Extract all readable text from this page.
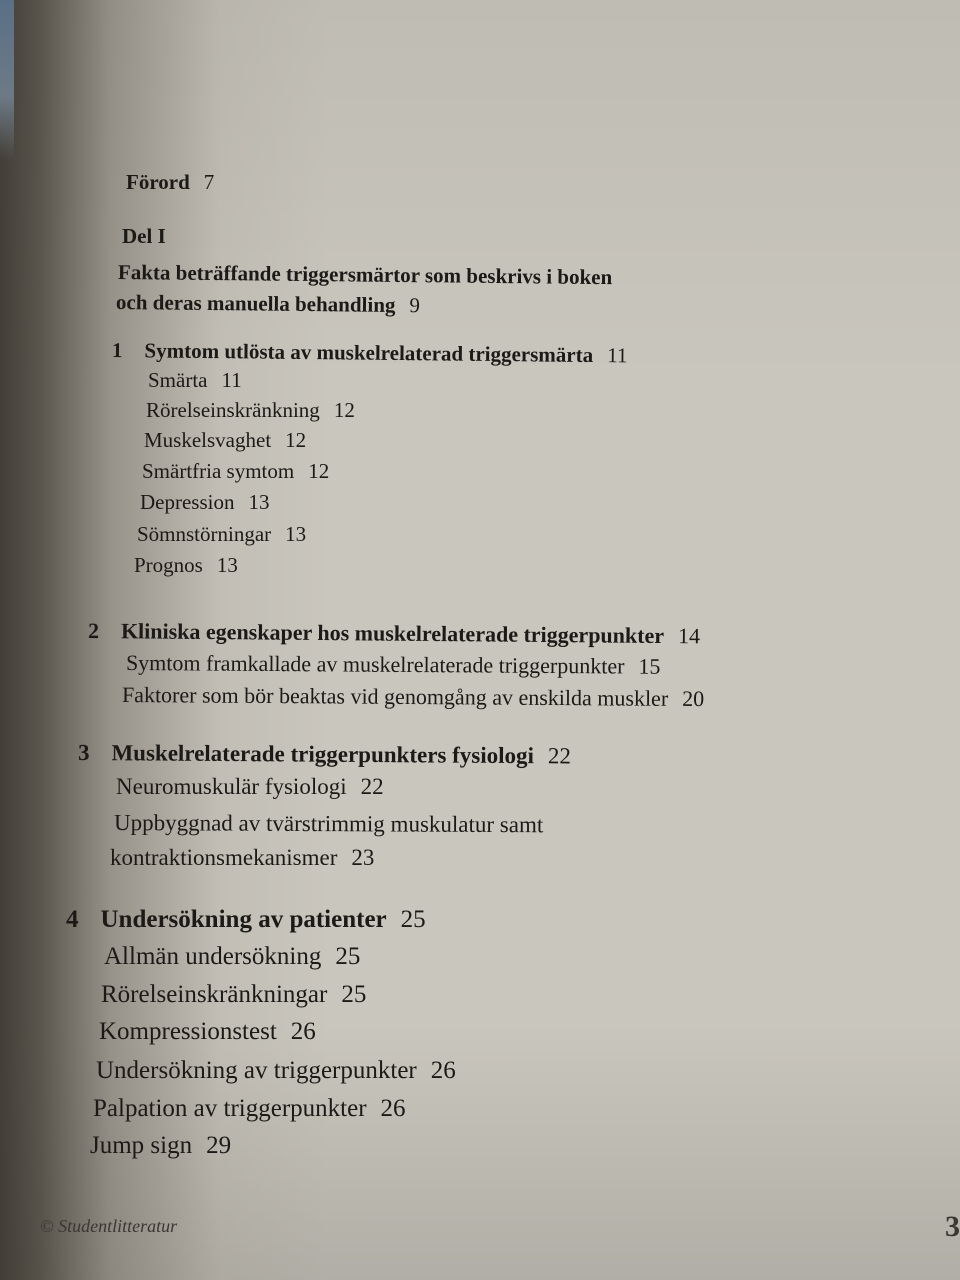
Förord 7
Del I
Fakta beträffande triggersmärtor som beskrivs i boken
och deras manuella behandling 9
1 Symtom utlösta av muskelrelaterad triggersmärta 11
Smärta 11
Rörelseinskränkning 12
Muskelsvaghet 12
Smärtfria symtom 12
Depression 13
Sömnstörningar 13
Prognos 13
2 Kliniska egenskaper hos muskelrelaterade triggerpunkter 14
Symtom framkallade av muskelrelaterade triggerpunkter 15
Faktorer som bör beaktas vid genomgång av enskilda muskler 20
3 Muskelrelaterade triggerpunkters fysiologi 22
Neuromuskulär fysiologi 22
Uppbyggnad av tvärstrimmig muskulatur samt
kontraktionsmekanismer 23
4 Undersökning av patienter 25
Allmän undersökning 25
Rörelseinskränkningar 25
Kompressionstest 26
Undersökning av triggerpunkter 26
Palpation av triggerpunkter 26
Jump sign 29
© Studentlitteratur	3
